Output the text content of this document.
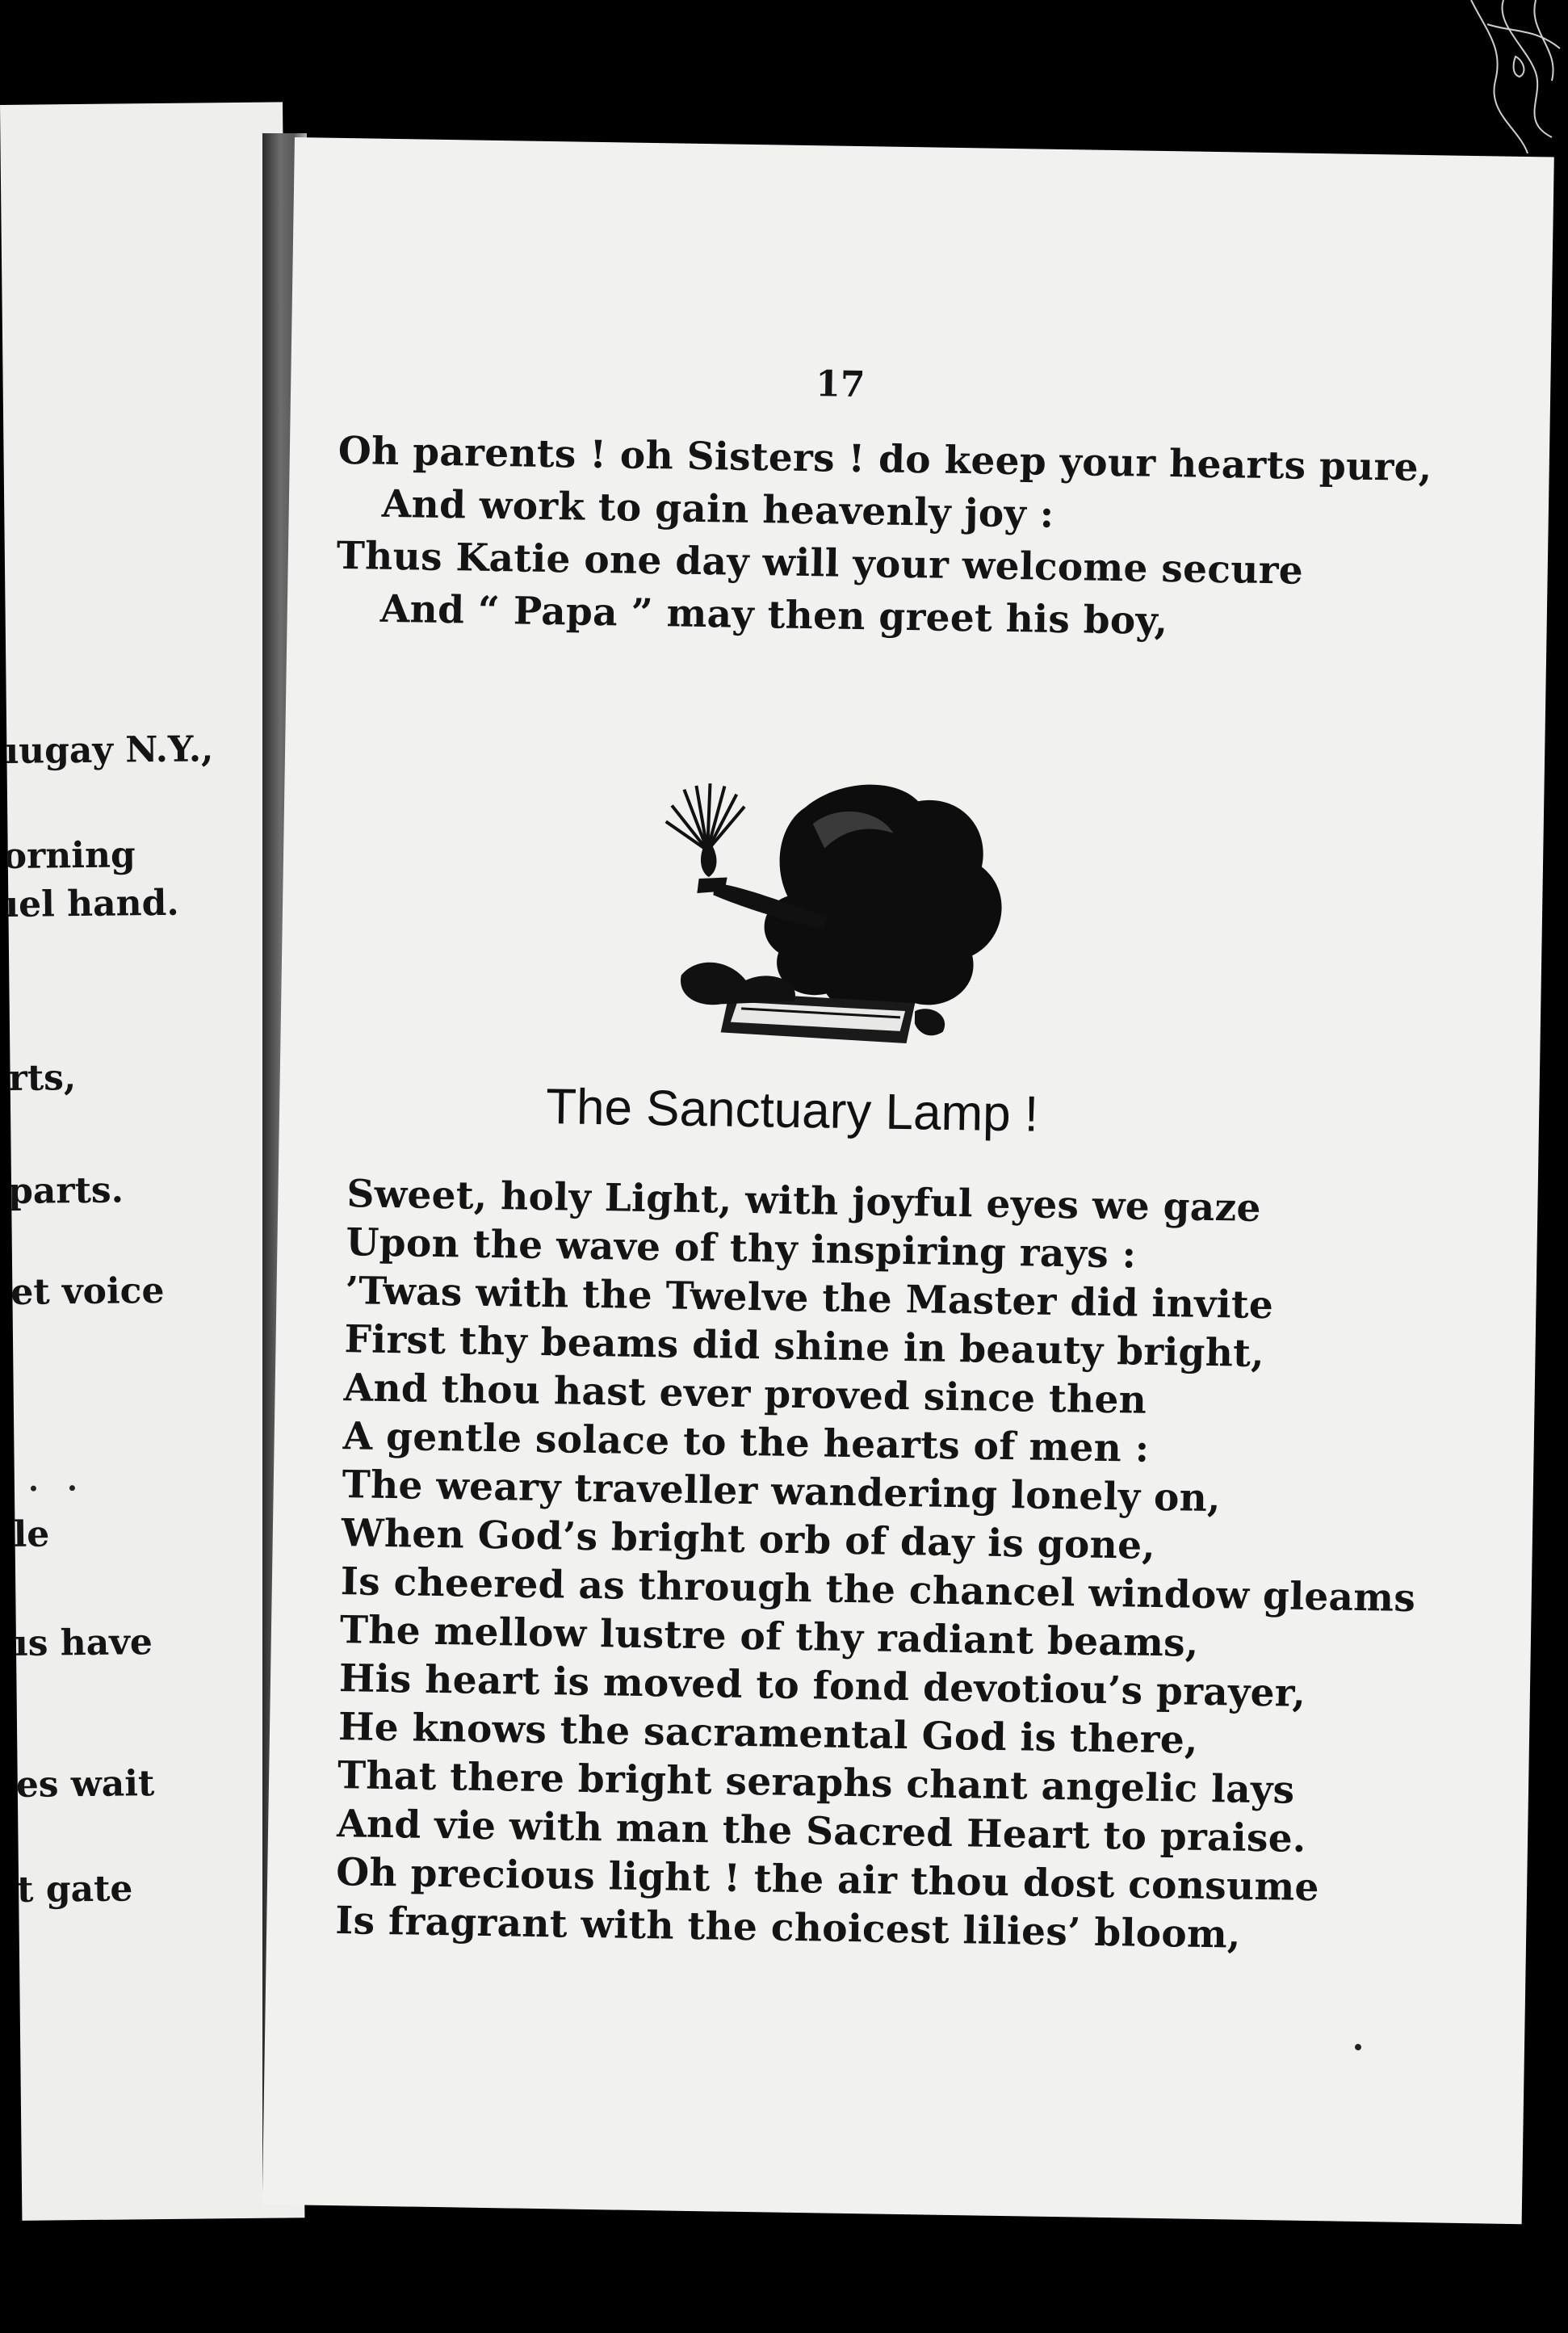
ıugay N.Y.,
orning
ıel hand.
rts,
parts.
et voice
le
ıs have
es wait
t gate
17
Oh parents ! oh Sisters ! do keep your hearts pure,
And work to gain heavenly joy :
Thus Katie one day will your welcome secure
And “ Papa ” may then greet his boy,
The Sanctuary Lamp !
Sweet, holy Light, with joyful eyes we gaze
Upon the wave of thy inspiring rays :
’Twas with the Twelve the Master did invite
First thy beams did shine in beauty bright,
And thou hast ever proved since then
A gentle solace to the hearts of men :
The weary traveller wandering lonely on,
When God’s bright orb of day is gone,
Is cheered as through the chancel window gleams
The mellow lustre of thy radiant beams,
His heart is moved to fond devotiou’s prayer,
He knows the sacramental God is there,
That there bright seraphs chant angelic lays
And vie with man the Sacred Heart to praise.
Oh precious light ! the air thou dost consume
Is fragrant with the choicest lilies’ bloom,
